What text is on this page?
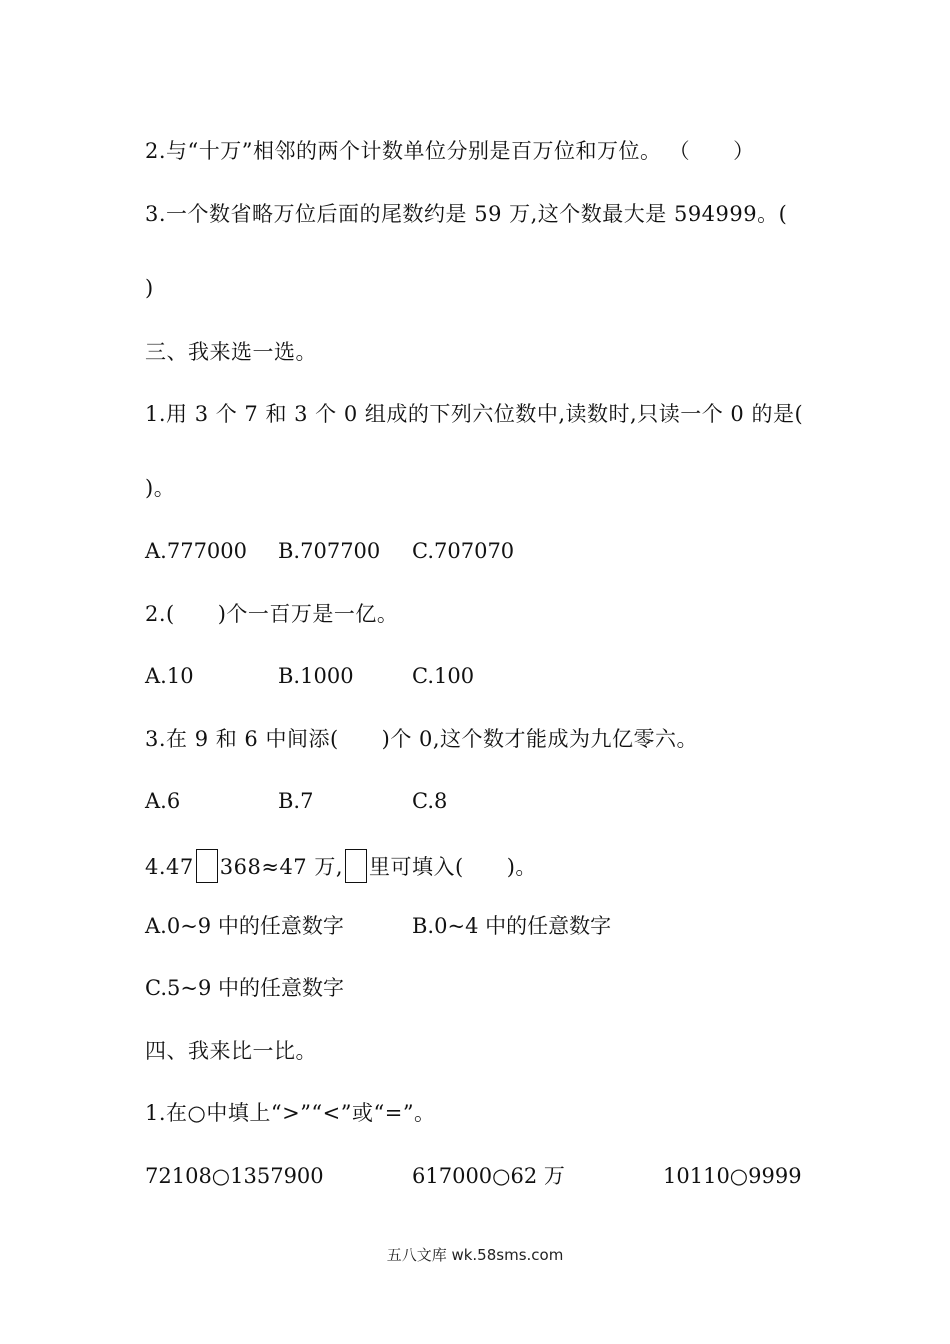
2.与“十万”相邻的两个计数单位分别是百万位和万位。 （　　）
3.一个数省略万位后面的尾数约是 59 万,这个数最大是 594999。(
)
三、我来选一选。
1.用 3 个 7 和 3 个 0 组成的下列六位数中,读数时,只读一个 0 的是(
)。
A.777000 B.707700 C.707070
2.(　　)个一百万是一亿。
A.10	B.1000	C.100
3.在 9 和 6 中间添(　　)个 0,这个数才能成为九亿零六。
A.6	B.7	C.8
4.47 368≈47 万, 里可填入(　　)。
A.0~9 中的任意数字	B.0~4 中的任意数字
C.5~9 中的任意数字
四、我来比一比。
1.在○中填上“>”“<”或“=”。
72108○1357900	617000○62 万	10110○9999
五八文库 wk.58sms.com
